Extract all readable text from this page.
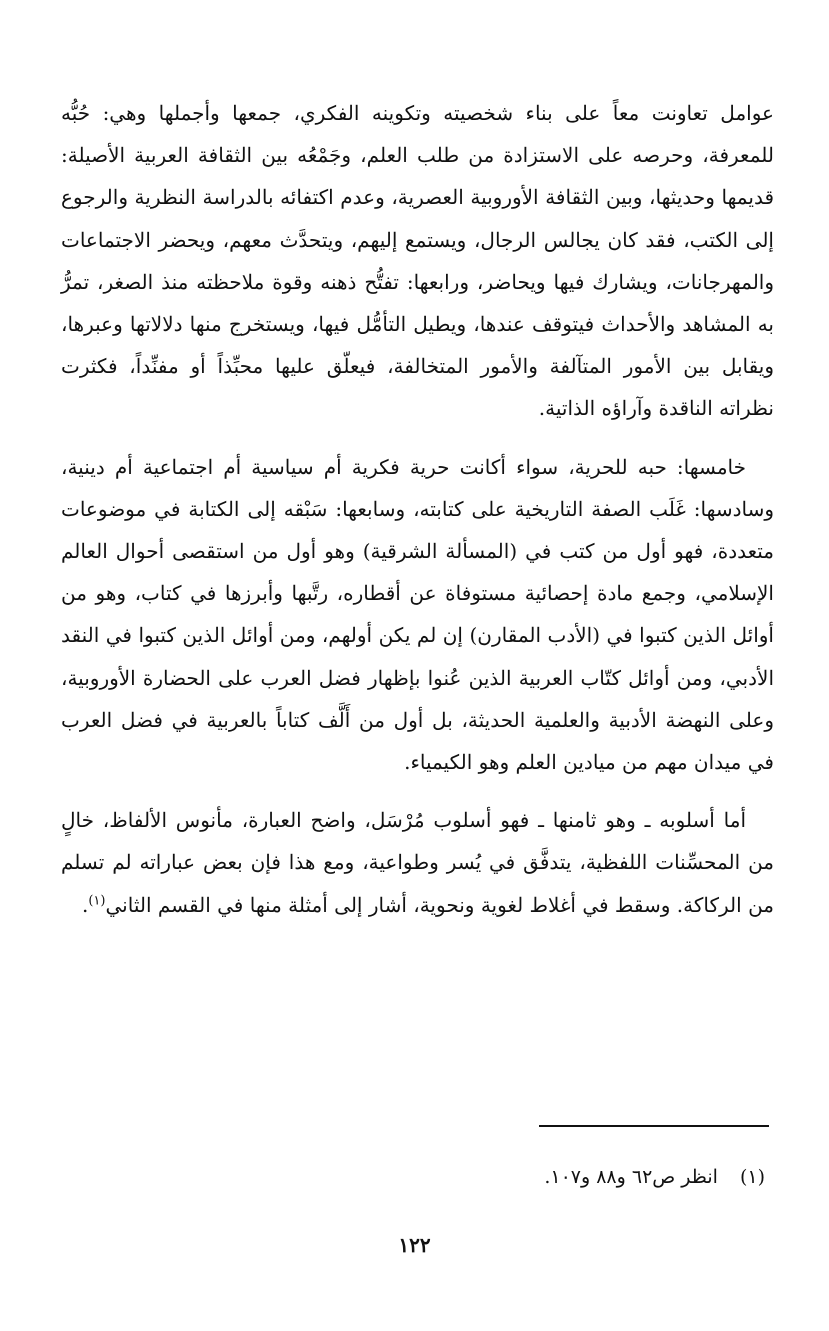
عوامل تعاونت معاً على بناء شخصيته وتكوينه الفكري، جمعها وأجملها وهي: حُبُّه للمعرفة، وحرصه على الاستزادة من طلب العلم، وجَمْعُه بين الثقافة العربية الأصيلة: قديمها وحديثها، وبين الثقافة الأوروبية العصرية، وعدم اكتفائه بالدراسة النظرية والرجوع إلى الكتب، فقد كان يجالس الرجال، ويستمع إليهم، ويتحدَّث معهم، ويحضر الاجتماعات والمهرجانات، ويشارك فيها ويحاضر، ورابعها: تفتُّح ذهنه وقوة ملاحظته منذ الصغر، تمرُّ به المشاهد والأحداث فيتوقف عندها، ويطيل التأمُّل فيها، ويستخرج منها دلالاتها وعبرها، ويقابل بين الأمور المتآلفة والأمور المتخالفة، فيعلّق عليها محبِّذاً أو مفنِّداً، فكثرت نظراته الناقدة وآراؤه الذاتية.

خامسها: حبه للحرية، سواء أكانت حرية فكرية أم سياسية أم اجتماعية أم دينية، وسادسها: غَلَب الصفة التاريخية على كتابته، وسابعها: سَبْقه إلى الكتابة في موضوعات متعددة، فهو أول من كتب في (المسألة الشرقية) وهو أول من استقصى أحوال العالم الإسلامي، وجمع مادة إحصائية مستوفاة عن أقطاره، رتَّبها وأبرزها في كتاب، وهو من أوائل الذين كتبوا في (الأدب المقارن) إن لم يكن أولهم، ومن أوائل الذين كتبوا في النقد الأدبي، ومن أوائل كتّاب العربية الذين عُنوا بإظهار فضل العرب على الحضارة الأوروبية، وعلى النهضة الأدبية والعلمية الحديثة، بل أول من أَلَّف كتاباً بالعربية في فضل العرب في ميدان مهم من ميادين العلم وهو الكيمياء.

أما أسلوبه ـ وهو ثامنها ـ فهو أسلوب مُرْسَل، واضح العبارة، مأنوس الألفاظ، خالٍ من المحسِّنات اللفظية، يتدفَّق في يُسر وطواعية، ومع هذا فإن بعض عباراته لم تسلم من الركاكة. وسقط في أغلاط لغوية ونحوية، أشار إلى أمثلة منها في القسم الثاني$^{(١)}$.

(١)انظر ص٦٢ و٨٨ و١٠٧.
١٢٢
